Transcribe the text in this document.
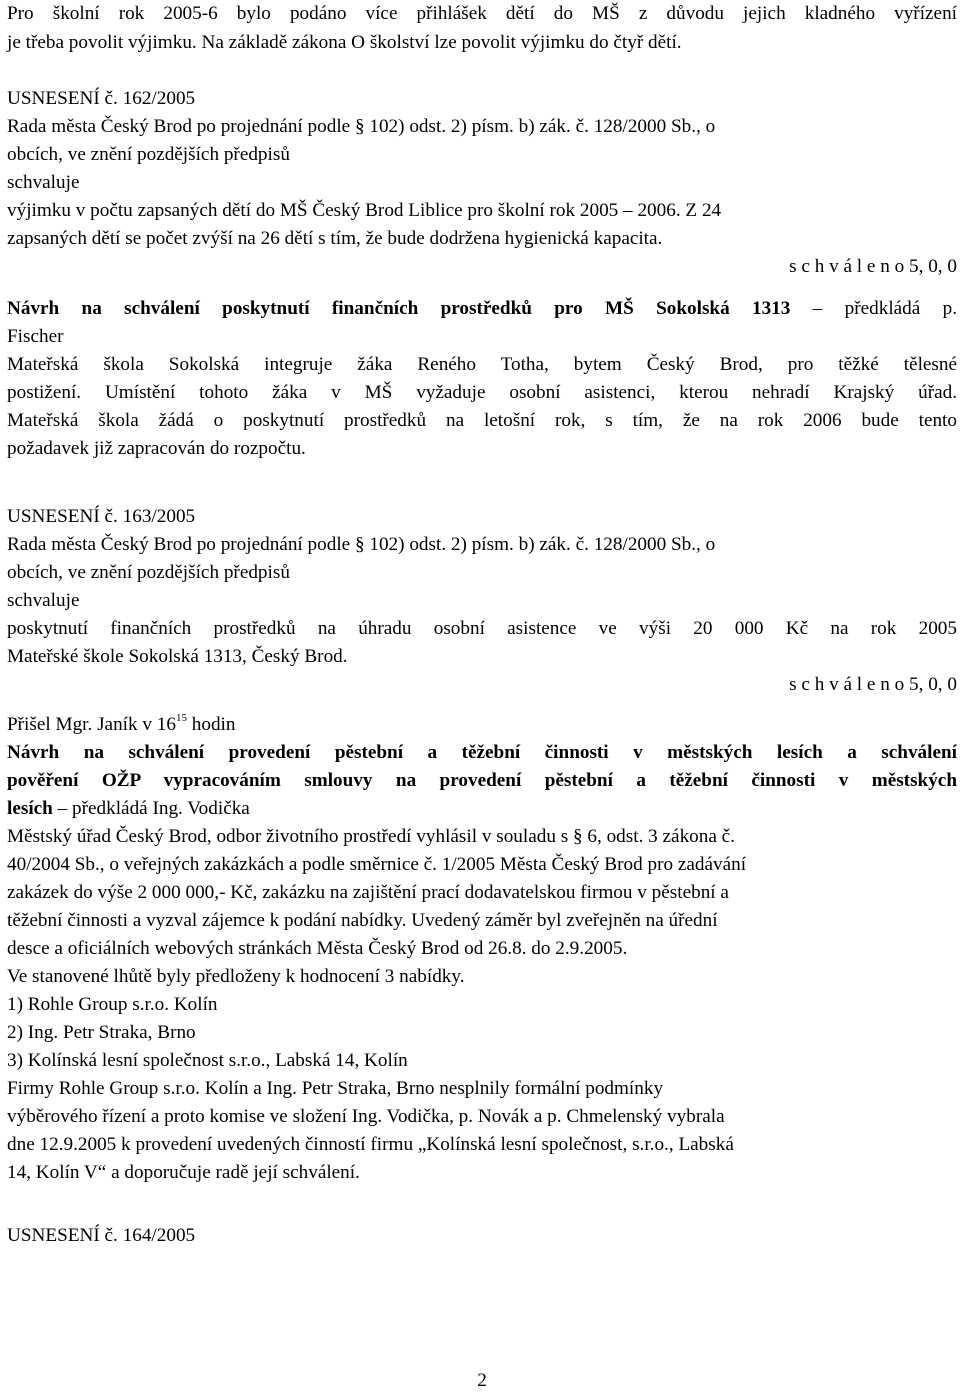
Pro školní rok 2005-6 bylo podáno více přihlášek dětí do MŠ z důvodu jejich kladného vyřízení
je třeba povolit výjimku. Na základě zákona O školství lze povolit výjimku do čtyř dětí.
USNESENÍ č. 162/2005
Rada města Český Brod po projednání podle § 102) odst. 2) písm. b) zák. č. 128/2000 Sb., o
obcích, ve znění pozdějších předpisů
schvaluje
výjimku v počtu zapsaných dětí do MŠ Český Brod Liblice pro školní rok 2005 – 2006. Z 24
zapsaných dětí se počet zvýší na 26 dětí s tím, že bude dodržena hygienická kapacita.
s c h v á l e n o 5, 0, 0
Návrh na schválení poskytnutí finančních prostředků pro MŠ Sokolská 1313 – předkládá p.
Fischer
Mateřská škola Sokolská integruje žáka Reného Totha, bytem Český Brod, pro těžké tělesné
postižení. Umístění tohoto žáka v MŠ vyžaduje osobní asistenci, kterou nehradí Krajský úřad.
Mateřská škola žádá o poskytnutí prostředků na letošní rok, s tím, že na rok 2006 bude tento
požadavek již zapracován do rozpočtu.
USNESENÍ č. 163/2005
Rada města Český Brod po projednání podle § 102) odst. 2) písm. b) zák. č. 128/2000 Sb., o
obcích, ve znění pozdějších předpisů
schvaluje
poskytnutí finančních prostředků na úhradu osobní asistence ve výši 20 000 Kč na rok 2005
Mateřské škole Sokolská 1313, Český Brod.
s c h v á l e n o 5, 0, 0
Přišel Mgr. Janík v $16^{15}$ hodin
Návrh na schválení provedení pěstební a těžební činnosti v městských lesích a schválení
pověření OŽP vypracováním smlouvy na provedení pěstební a těžební činnosti v městských
lesích – předkládá Ing. Vodička
Městský úřad Český Brod, odbor životního prostředí vyhlásil v souladu s § 6, odst. 3 zákona č.
40/2004 Sb., o veřejných zakázkách a podle směrnice č. 1/2005 Města Český Brod pro zadávání
zakázek do výše 2 000 000,- Kč, zakázku na zajištění prací dodavatelskou firmou v pěstební a
těžební činnosti a vyzval zájemce k podání nabídky. Uvedený záměr byl zveřejněn na úřední
desce a oficiálních webových stránkách Města Český Brod od 26.8. do 2.9.2005.
Ve stanovené lhůtě byly předloženy k hodnocení 3 nabídky.
1) Rohle Group s.r.o. Kolín
2) Ing. Petr Straka, Brno
3) Kolínská lesní společnost s.r.o., Labská 14, Kolín
Firmy Rohle Group s.r.o. Kolín a Ing. Petr Straka, Brno nesplnily formální podmínky
výběrového řízení a proto komise ve složení Ing. Vodička, p. Novák a p. Chmelenský vybrala
dne 12.9.2005 k provedení uvedených činností firmu „Kolínská lesní společnost, s.r.o., Labská
14, Kolín V“ a doporučuje radě její schválení.
USNESENÍ č. 164/2005
2
